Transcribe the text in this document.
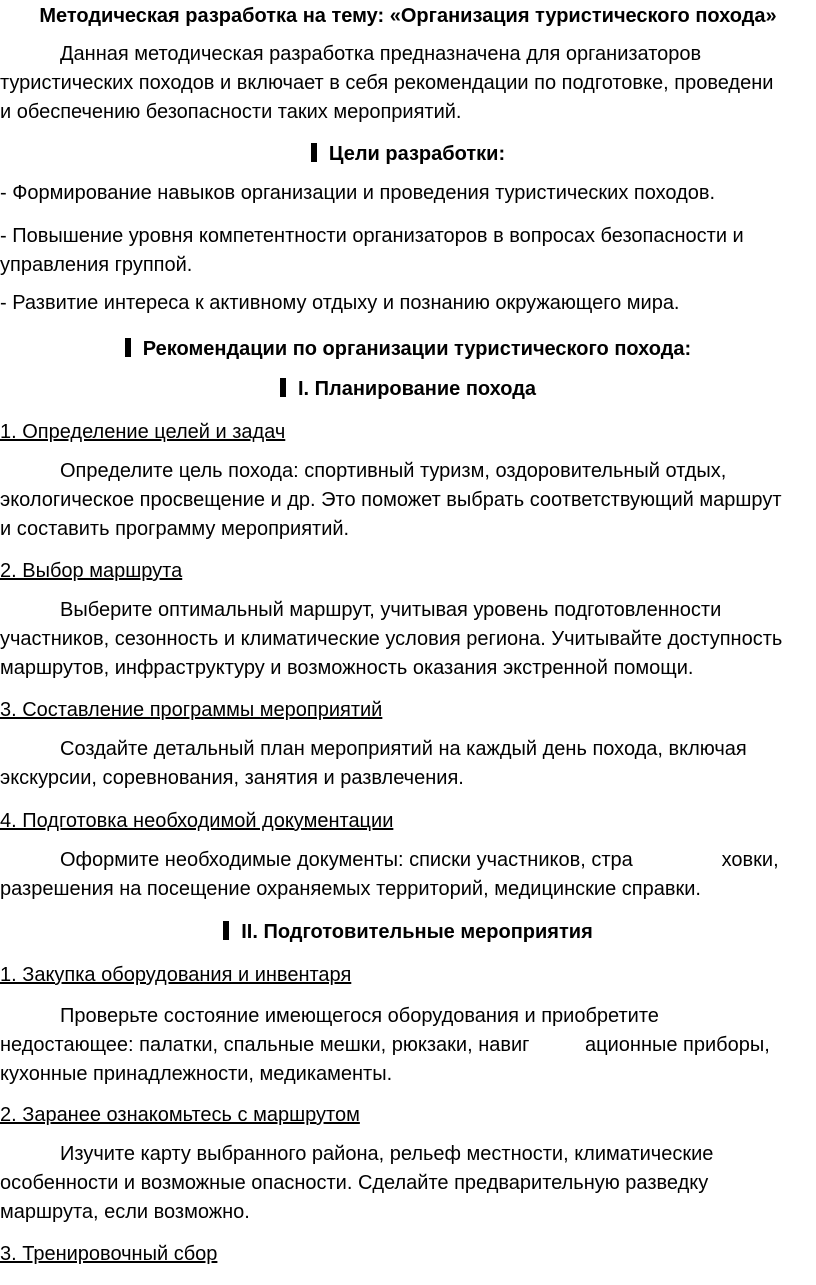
Методическая разработка на тему: «Организация туристического похода»

Данная методическая разработка предназначена для организаторов
туристических походов и включает в себя рекомендации по подготовке, проведени
и обеспечению безопасности таких мероприятий.

Цели разработки:

- Формирование навыков организации и проведения туристических походов.

- Повышение уровня компетентности организаторов в вопросах безопасности и

управления группой.

- Развитие интереса к активному отдыху и познанию окружающего мира.

Рекомендации по организации туристического похода:
I. Планирование похода

1. Определение целей и задач

Определите цель похода: спортивный туризм, оздоровительный отдых,
экологическое просвещение и др. Это поможет выбрать соответствующий маршрут
и составить программу мероприятий.

2. Выбор маршрута

Выберите оптимальный маршрут, учитывая уровень подготовленности
участников, сезонность и климатические условия региона. Учитывайте доступность
маршрутов, инфраструктуру и возможность оказания экстренной помощи.

3. Составление программы мероприятий

Создайте детальный план мероприятий на каждый день похода, включая
экскурсии, соревнования, занятия и развлечения.

4. Подготовка необходимой документации

Оформите необходимые документы: списки участников, стра                ховки,
разрешения на посещение охраняемых территорий, медицинские справки.

II. Подготовительные мероприятия

1. Закупка оборудования и инвентаря

Проверьте состояние имеющегося оборудования и приобретите
недостающее: палатки, спальные мешки, рюкзаки, навиг          ационные приборы,
кухонные принадлежности, медикаменты.

2. Заранее ознакомьтесь с маршрутом

Изучите карту выбранного района, рельеф местности, климатические
особенности и возможные опасности. Сделайте предварительную разведку
маршрута, если возможно.

3. Тренировочный сбор
